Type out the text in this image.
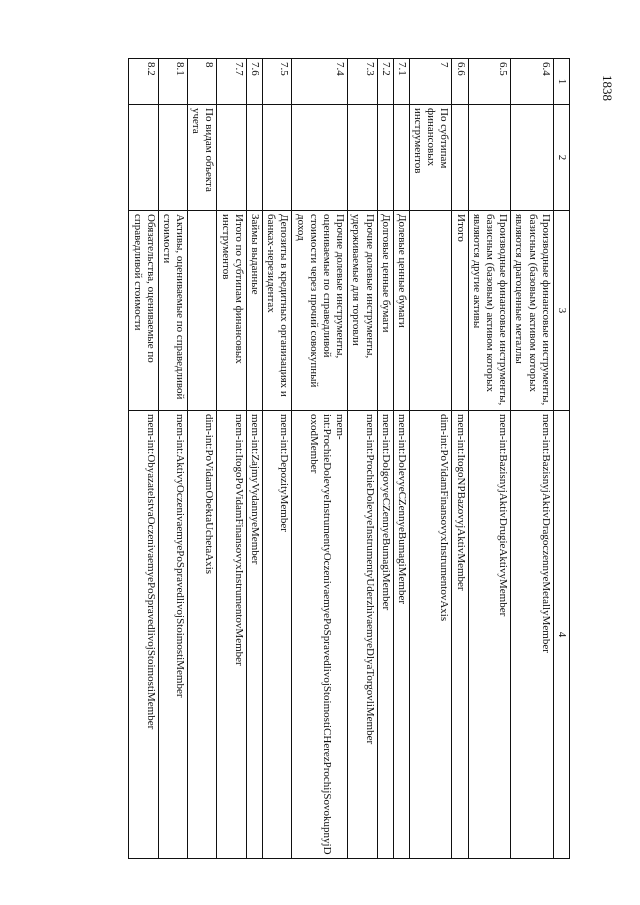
1838
1	2	3	4
6.4		Производные финансовые инструменты, базисным (базовым) активом которых являются драгоценные металлы	mem-int:BazisnyjAktivDragoczennyeMetallyMember
6.5		Производные финансовые инструменты, базисным (базовым) активом которых являются другие активы	mem-int:BazisnyjAktivDrugieAktivyMember
6.6		Итого	mem-int:ItogoNPBazovyjAktivMember
7	По субтипам финансовых инструментов		dim-int:PoVidamFinansovyxInstrumentovAxis
7.1		Долевые ценные бумаги	mem-int:DolevyeCZennyeBumagiMember
7.2		Долговые ценные бумаги	mem-int:DolgovyeCZennyeBumagiMember
7.3		Прочие долевые инструменты, удерживаемые для торговли	mem-int:ProchieDolevyeInstrumentyUderzhivaemyeDlyaTorgovliMember
7.4		Прочие долевые инструменты, оцениваемые по справедливой стоимости через прочий совокупный доход	mem-int:ProchieDolevyeInstrumentyOczenivaemyePoSpravedlivojStoimostiCHerezProchijSovokupnyjDoxodMember
7.5		Депозиты в кредитных организациях и банках-нерезидентах	mem-int:DepozityMember
7.6		Займы выданные	mem-int:ZajmyVydannyeMember
7.7		Итого по субтипам финансовых инструментов	mem-int:ItogoPoVidamFinansovyxInstrumentovMember
8	По видам объекта учета		dim-int:PoVidamObektaUchetaAxis
8.1		Активы, оцениваемые по справедливой стоимости	mem-int:AktivyOczenivaemyePoSpravedlivojStoimostiMember
8.2		Обязательства, оцениваемые по справедливой стоимости	mem-int:ObyazatelstvaOczenivaemyePoSpravedlivojStoimostiMember
